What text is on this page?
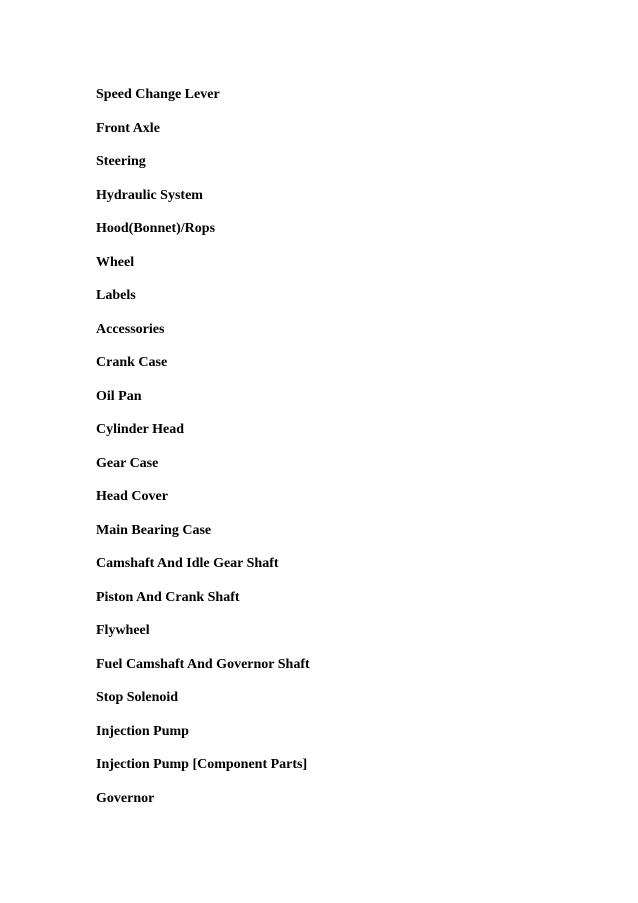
Speed Change Lever
Front Axle
Steering
Hydraulic System
Hood(Bonnet)/Rops
Wheel
Labels
Accessories
Crank Case
Oil Pan
Cylinder Head
Gear Case
Head Cover
Main Bearing Case
Camshaft And Idle Gear Shaft
Piston And Crank Shaft
Flywheel
Fuel Camshaft And Governor Shaft
Stop Solenoid
Injection Pump
Injection Pump [Component Parts]
Governor
